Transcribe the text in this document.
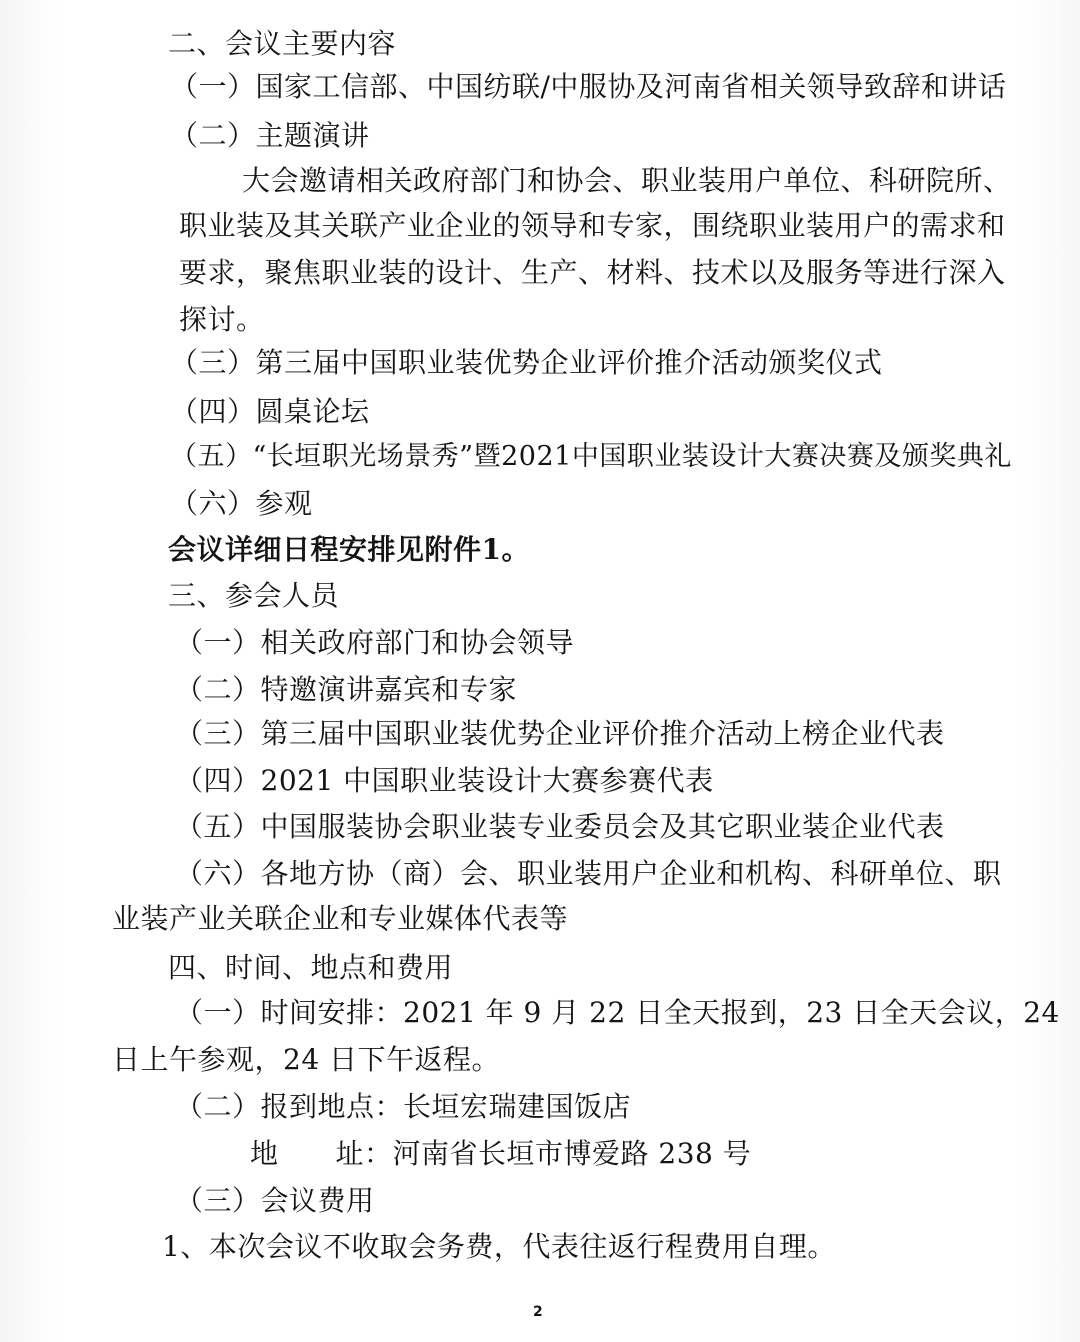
二、会议主要内容
（一）国家工信部、中国纺联/中服协及河南省相关领导致辞和讲话
（二）主题演讲
大会邀请相关政府部门和协会、职业装用户单位、科研院所、
职业装及其关联产业企业的领导和专家，围绕职业装用户的需求和
要求，聚焦职业装的设计、生产、材料、技术以及服务等进行深入
探讨。
（三）第三届中国职业装优势企业评价推介活动颁奖仪式
（四）圆桌论坛
（五）“长垣职光场景秀”暨2021中国职业装设计大赛决赛及颁奖典礼
（六）参观
会议详细日程安排见附件1。
三、参会人员
（一）相关政府部门和协会领导
（二）特邀演讲嘉宾和专家
（三）第三届中国职业装优势企业评价推介活动上榜企业代表
（四）2021 中国职业装设计大赛参赛代表
（五）中国服装协会职业装专业委员会及其它职业装企业代表
（六）各地方协（商）会、职业装用户企业和机构、科研单位、职
业装产业关联企业和专业媒体代表等
四、时间、地点和费用
（一）时间安排：2021 年 9 月 22 日全天报到，23 日全天会议，24
日上午参观，24 日下午返程。
（二）报到地点：长垣宏瑞建国饭店
地　　址：河南省长垣市博爱路 238 号
（三）会议费用
1、本次会议不收取会务费，代表往返行程费用自理。
2
